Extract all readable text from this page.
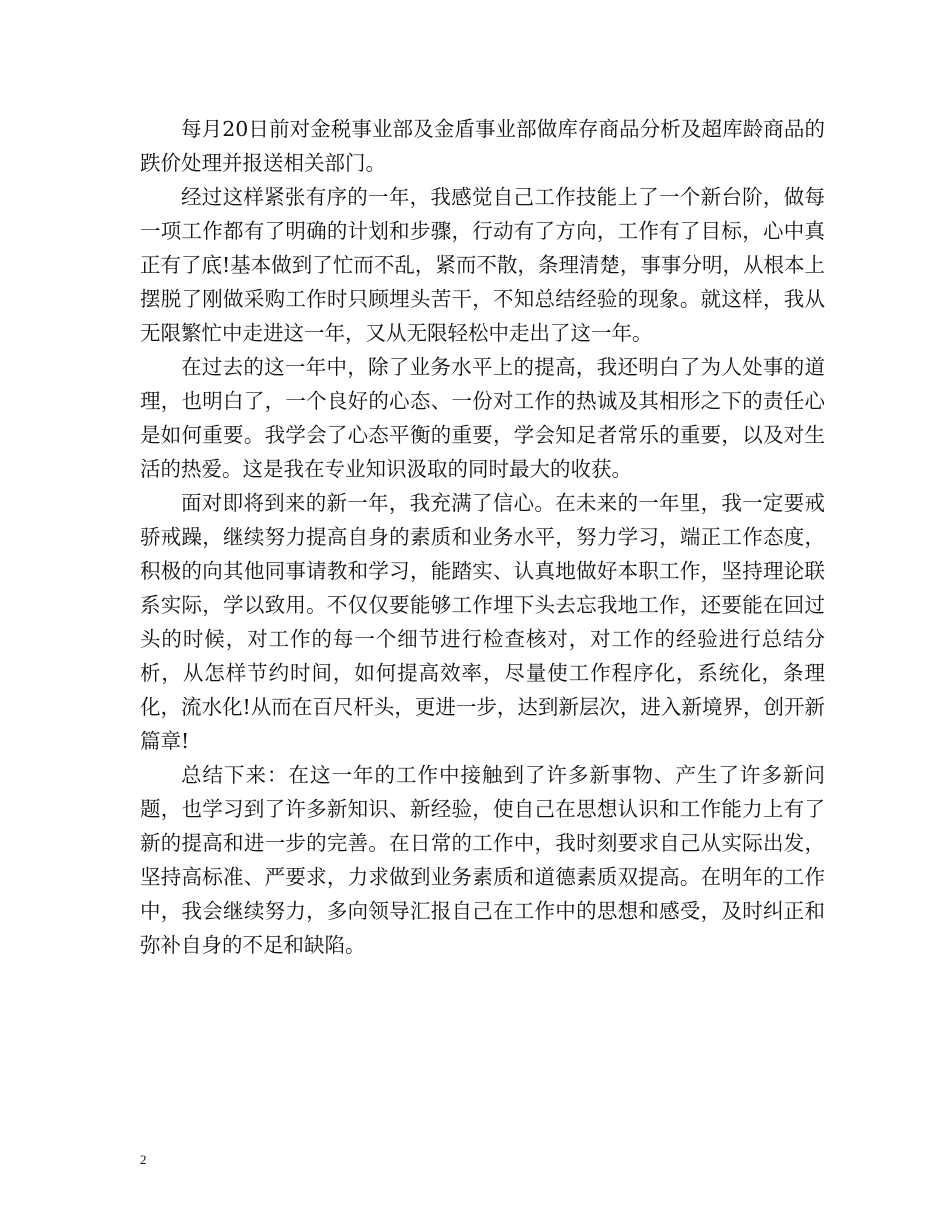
每月20日前对金税事业部及金盾事业部做库存商品分析及超库龄商品的跌价处理并报送相关部门。

经过这样紧张有序的一年，我感觉自己工作技能上了一个新台阶，做每一项工作都有了明确的计划和步骤，行动有了方向，工作有了目标，心中真正有了底!基本做到了忙而不乱，紧而不散，条理清楚，事事分明，从根本上摆脱了刚做采购工作时只顾埋头苦干，不知总结经验的现象。就这样，我从无限繁忙中走进这一年，又从无限轻松中走出了这一年。

在过去的这一年中，除了业务水平上的提高，我还明白了为人处事的道理，也明白了，一个良好的心态、一份对工作的热诚及其相形之下的责任心是如何重要。我学会了心态平衡的重要，学会知足者常乐的重要，以及对生活的热爱。这是我在专业知识汲取的同时最大的收获。

面对即将到来的新一年，我充满了信心。在未来的一年里，我一定要戒骄戒躁，继续努力提高自身的素质和业务水平，努力学习，端正工作态度，积极的向其他同事请教和学习，能踏实、认真地做好本职工作，坚持理论联系实际，学以致用。不仅仅要能够工作埋下头去忘我地工作，还要能在回过头的时候，对工作的每一个细节进行检查核对，对工作的经验进行总结分析，从怎样节约时间，如何提高效率，尽量使工作程序化，系统化，条理化，流水化!从而在百尺杆头，更进一步，达到新层次，进入新境界，创开新篇章!

总结下来：在这一年的工作中接触到了许多新事物、产生了许多新问题，也学习到了许多新知识、新经验，使自己在思想认识和工作能力上有了新的提高和进一步的完善。在日常的工作中，我时刻要求自己从实际出发，坚持高标准、严要求，力求做到业务素质和道德素质双提高。在明年的工作中，我会继续努力，多向领导汇报自己在工作中的思想和感受，及时纠正和弥补自身的不足和缺陷。

2
